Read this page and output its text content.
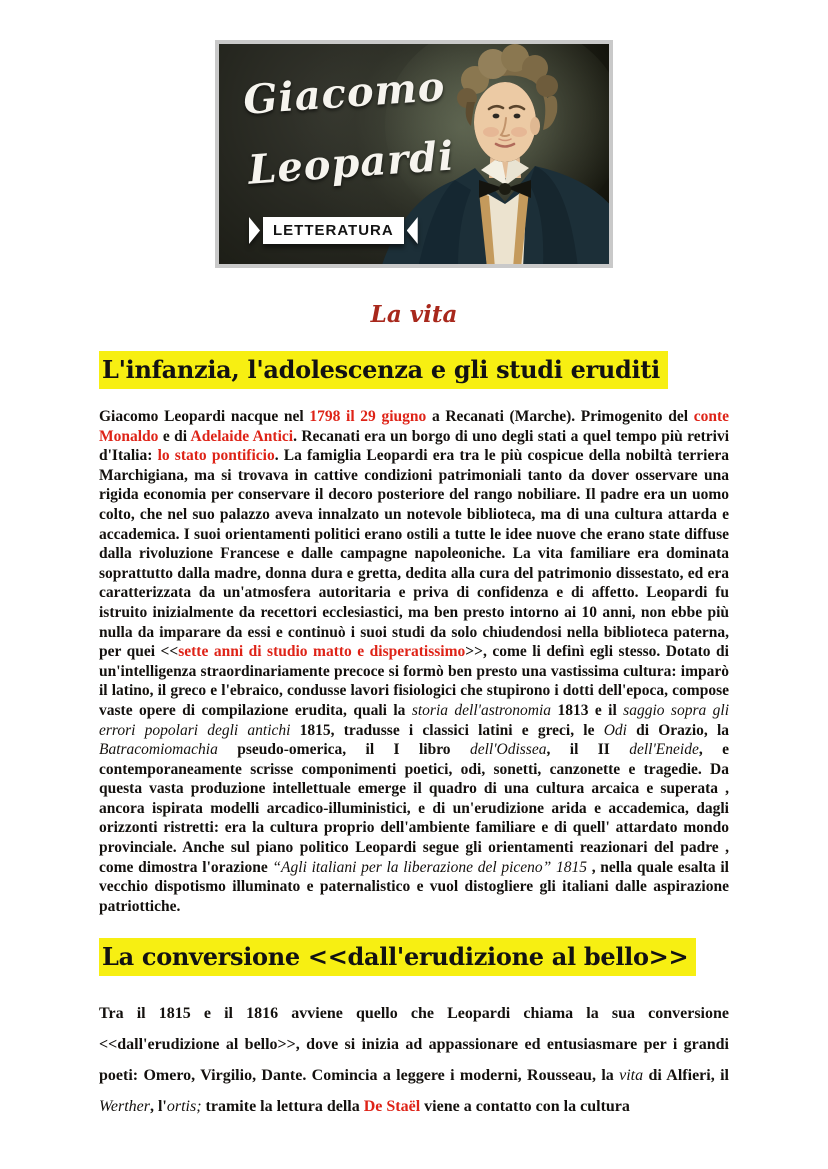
Giacomo
Leopardi
LETTERATURA
La vita
L'infanzia, l'adolescenza e gli studi eruditi
Giacomo Leopardi nacque nel 1798 il 29 giugno a Recanati (Marche). Primogenito del conte Monaldo e di Adelaide Antici. Recanati era un borgo di uno degli stati a quel tempo più retrivi d'Italia: lo stato pontificio. La famiglia Leopardi era tra le più cospicue della nobiltà terriera Marchigiana, ma si trovava in cattive condizioni patrimoniali tanto da dover osservare una rigida economia per conservare il decoro posteriore del rango nobiliare. Il padre era un uomo colto, che nel suo palazzo aveva innalzato un notevole biblioteca, ma di una cultura attarda e accademica. I suoi orientamenti politici erano ostili a tutte le idee nuove che erano state diffuse dalla rivoluzione Francese e dalle campagne napoleoniche. La vita familiare era dominata soprattutto dalla madre, donna dura e gretta, dedita alla cura del patrimonio dissestato, ed era caratterizzata da un'atmosfera autoritaria e priva di confidenza e di affetto. Leopardi fu istruito inizialmente da recettori ecclesiastici, ma ben presto intorno ai 10 anni, non ebbe più nulla da imparare da essi e continuò i suoi studi da solo chiudendosi nella biblioteca paterna, per quei <<sette anni di studio matto e disperatissimo>>, come li definì egli stesso. Dotato di un'intelligenza straordinariamente precoce si formò ben presto una vastissima cultura: imparò il latino, il greco e l'ebraico, condusse lavori fisiologici che stupirono i dotti dell'epoca, compose vaste opere di compilazione erudita, quali la storia dell'astronomia 1813 e il saggio sopra gli errori popolari degli antichi 1815, tradusse i classici latini e greci, le Odi di Orazio, la Batracomiomachia pseudo-omerica, il I libro dell'Odissea, il II dell'Eneide, e contemporaneamente scrisse componimenti poetici, odi, sonetti, canzonette e tragedie. Da questa vasta produzione intellettuale emerge il quadro di una cultura arcaica e superata , ancora ispirata modelli arcadico-illuministici, e di un'erudizione arida e accademica, dagli orizzonti ristretti: era la cultura proprio dell'ambiente familiare e di quell' attardato mondo provinciale. Anche sul piano politico Leopardi segue gli orientamenti reazionari del padre , come dimostra l'orazione “Agli italiani per la liberazione del piceno” 1815 , nella quale esalta il vecchio dispotismo illuminato e paternalistico e vuol distogliere gli italiani dalle aspirazione patriottiche.
La conversione <<dall'erudizione al bello>>
Tra il 1815 e il 1816 avviene quello che Leopardi chiama la sua conversione <<dall'erudizione al bello>>, dove si inizia ad appassionare ed entusiasmare per i grandi poeti: Omero, Virgilio, Dante. Comincia a leggere i moderni, Rousseau, la vita di Alfieri, il Werther, l'ortis; tramite la lettura della De Staël viene a contatto con la cultura
